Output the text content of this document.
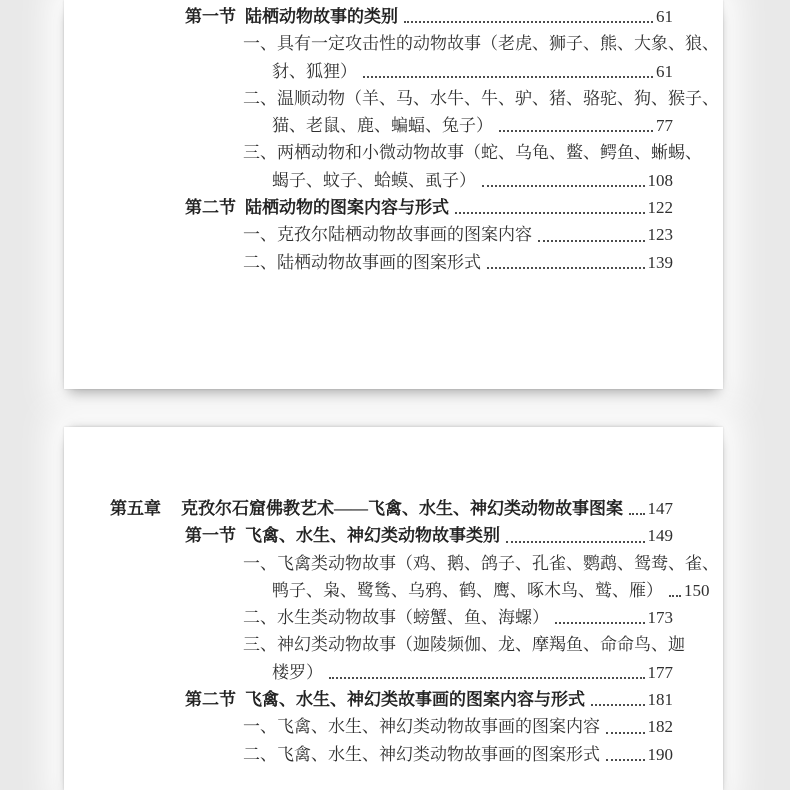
第一节 陆栖动物故事的类别	61
一、具有一定攻击性的动物故事（老虎、狮子、熊、大象、狼、
豺、狐狸）	61
二、温顺动物（羊、马、水牛、牛、驴、猪、骆驼、狗、猴子、
猫、老鼠、鹿、蝙蝠、兔子）	77
三、两栖动物和小微动物故事（蛇、乌龟、鳖、鳄鱼、蜥蜴、
蝎子、蚊子、蛤蟆、虱子）	108
第二节 陆栖动物的图案内容与形式	122
一、克孜尔陆栖动物故事画的图案内容	123
二、陆栖动物故事画的图案形式	139
第五章 克孜尔石窟佛教艺术——飞禽、水生、神幻类动物故事图案 147
第一节 飞禽、水生、神幻类动物故事类别	149
一、飞禽类动物故事（鸡、鹅、鸽子、孔雀、鹦鹉、鸳鸯、雀、
鸭子、枭、鹭鸶、乌鸦、鹤、鹰、啄木鸟、鹫、雁） 150
二、水生类动物故事（螃蟹、鱼、海螺）	173
三、神幻类动物故事（迦陵频伽、龙、摩羯鱼、命命鸟、迦
楼罗）	177
第二节 飞禽、水生、神幻类故事画的图案内容与形式	181
一、飞禽、水生、神幻类动物故事画的图案内容	182
二、飞禽、水生、神幻类动物故事画的图案形式	190
